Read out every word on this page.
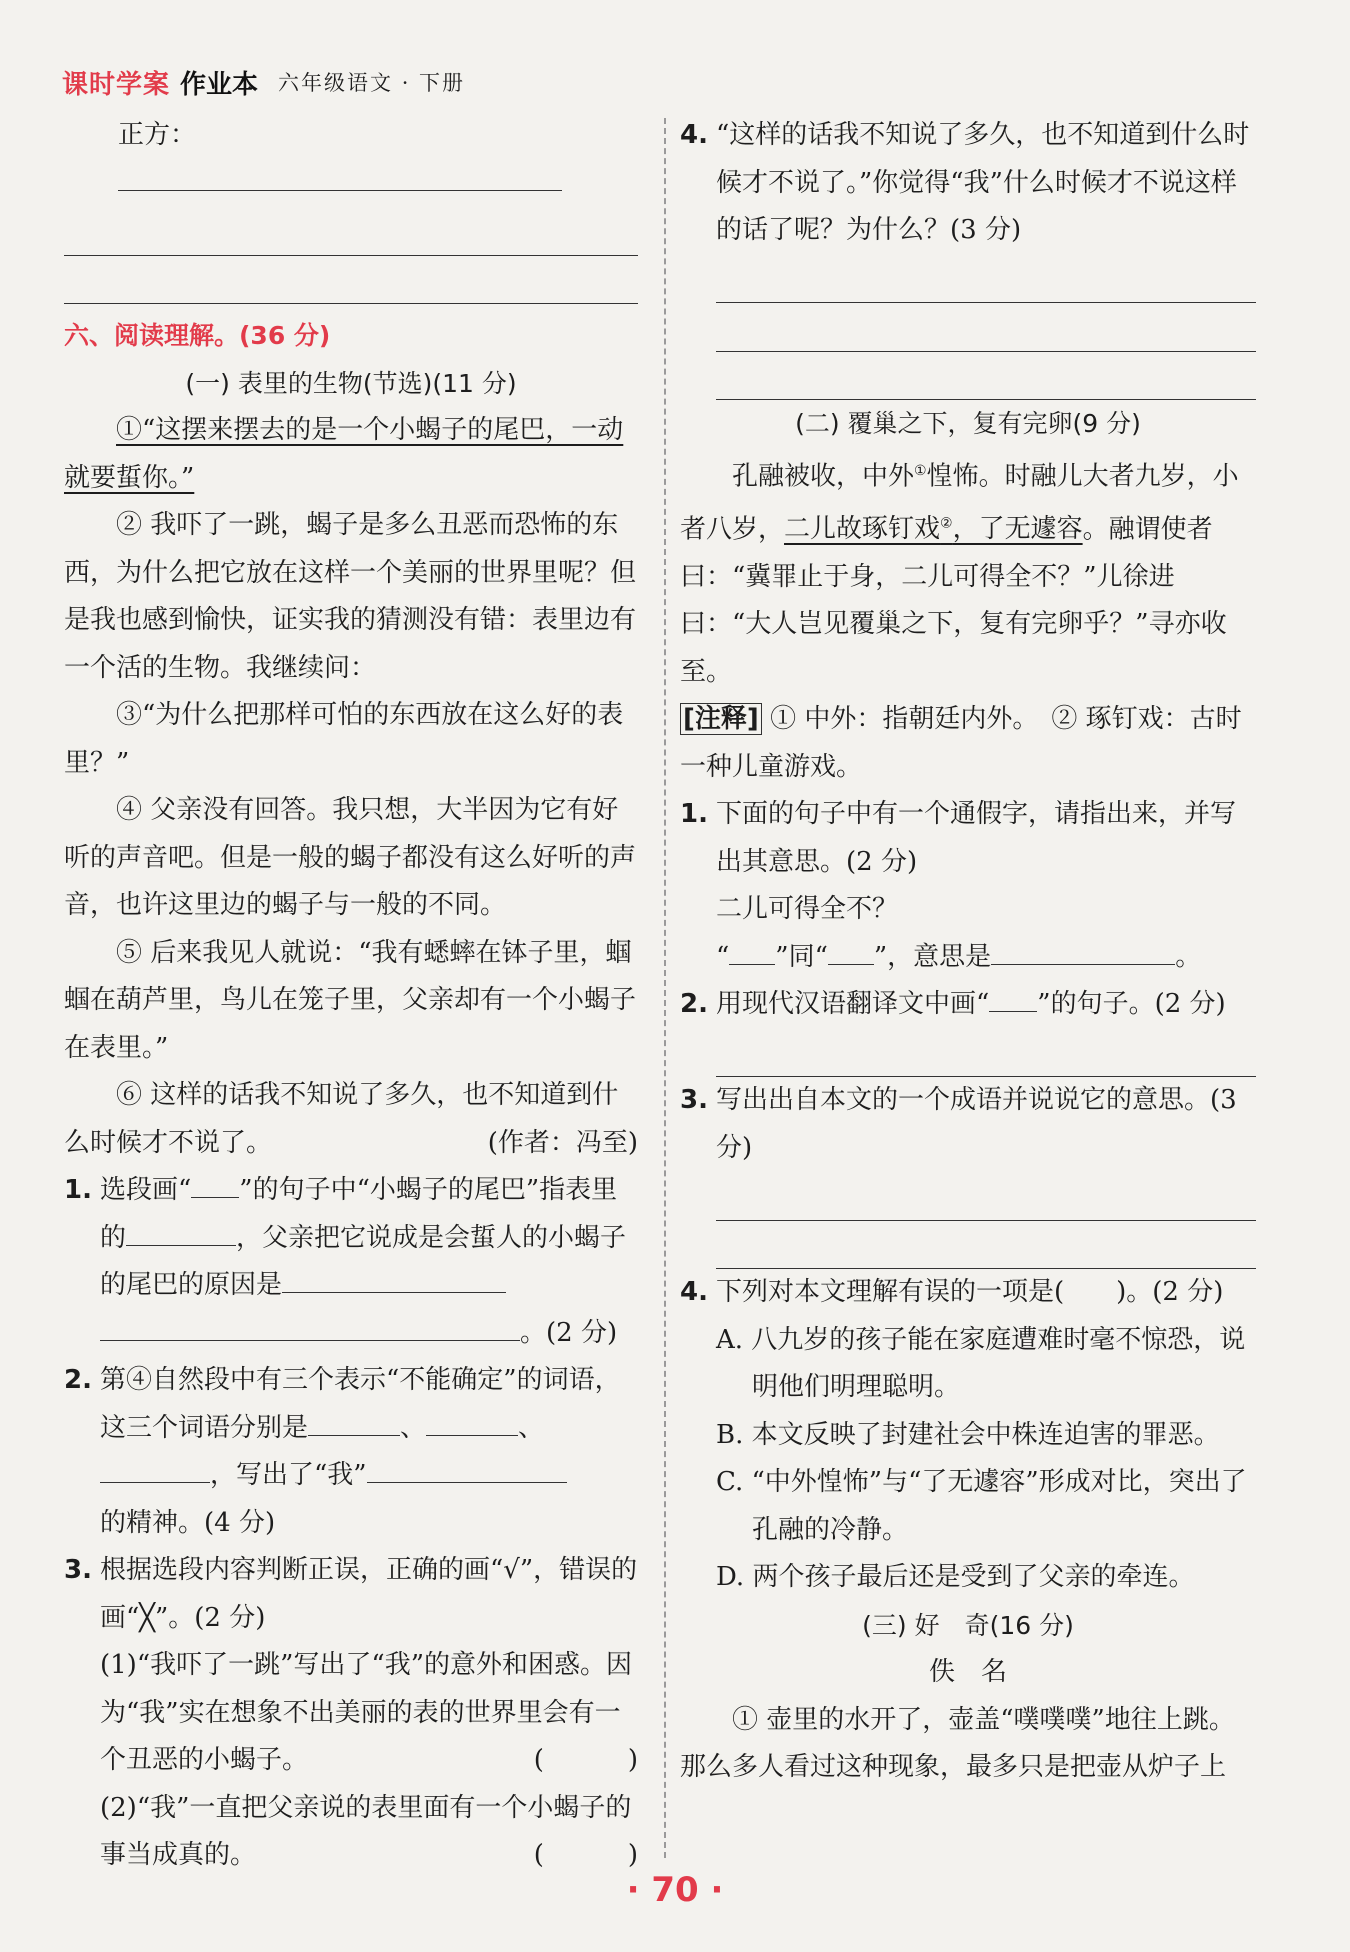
课时学案 作业本 六年级语文 · 下册
正方：
六、阅读理解。(36 分)
(一) 表里的生物(节选)(11 分)

①“这摆来摆去的是一个小蝎子的尾巴，一动就要蜇你。”

② 我吓了一跳，蝎子是多么丑恶而恐怖的东西，为什么把它放在这样一个美丽的世界里呢？但是我也感到愉快，证实我的猜测没有错：表里边有一个活的生物。我继续问：

③“为什么把那样可怕的东西放在这么好的表里？”

④ 父亲没有回答。我只想，大半因为它有好听的声音吧。但是一般的蝎子都没有这么好听的声音，也许这里边的蝎子与一般的不同。

⑤ 后来我见人就说：“我有蟋蟀在钵子里，蝈蝈在葫芦里，鸟儿在笼子里，父亲却有一个小蝎子在表里。”

⑥ 这样的话我不知说了多久，也不知道到什么时候才不说了。	(作者：冯至)

1. 选段画“ ”的句子中“小蝎子的尾巴”指表里的	，父亲把它说成是会蜇人的小蝎子的尾巴的原因是
。(2 分)
2. 第④自然段中有三个表示“不能确定”的词语，这三个词语分别是	、	、
，写出了“我”
的精神。(4 分)
3. 根据选段内容判断正误，正确的画“√”，错误的画“╳”。(2 分)
(1)“我吓了一跳”写出了“我”的意外和困惑。因为“我”实在想象不出美丽的表的世界里会有一个丑恶的小蝎子。	(	)
(2)“我”一直把父亲说的表里面有一个小蝎子的事当成真的。	(	)
4. “这样的话我不知说了多久，也不知道到什么时候才不说了。”你觉得“我”什么时候才不说这样的话了呢？为什么？(3 分)
(二) 覆巢之下，复有完卵(9 分)

孔融被收，中外①惶怖。时融儿大者九岁，小者八岁，二儿故琢钉戏②，了无遽容。融谓使者曰：“冀罪止于身，二儿可得全不？”儿徐进曰：“大人岂见覆巢之下，复有完卵乎？”寻亦收至。

[注释] ① 中外：指朝廷内外。　② 琢钉戏：古时一种儿童游戏。

1. 下面的句子中有一个通假字，请指出来，并写出其意思。(2 分)
二儿可得全不？
“ ”同“ ”，意思是	。
2. 用现代汉语翻译文中画“ ”的句子。(2 分)
3. 写出出自本文的一个成语并说说它的意思。(3 分)
4. 下列对本文理解有误的一项是(　　)。(2 分)
A. 八九岁的孩子能在家庭遭难时毫不惊恐，说明他们明理聪明。
B. 本文反映了封建社会中株连迫害的罪恶。
C. “中外惶怖”与“了无遽容”形成对比，突出了孔融的冷静。
D. 两个孩子最后还是受到了父亲的牵连。
(三) 好　奇(16 分)
佚　名

① 壶里的水开了，壶盖“噗噗噗”地往上跳。那么多人看过这种现象，最多只是把壶从炉子上

· 70 ·
